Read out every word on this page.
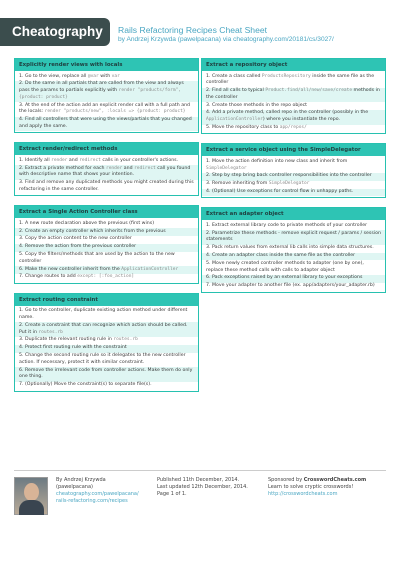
Cheatography	Rails Refactoring Recipes Cheat Sheet
by Andrzej Krzywda (pawelpacana) via cheatography.com/20181/cs/3027/
Explicitly render views with locals
1. Go to the view, replace all @var with var
2. Do the same in all partials that are called from the view and always pass the params to partials explicitly with render "products/form", {product: product}
3. At the end of the action add an explicit render call with a full path and the locals: render "products/new", :locals => {product: product}
4. Find all controllers that were using the views/partials that you changed and apply the same.
Extract render/redirect methods
1. Identify all render and redirect calls in your controller's actions.
2. Extract a private method for each render and redirect call you found with descriptive name that shows your intention.
3. Find and remove any duplicated methods you might created during this refactoring in the same controller.
Extract a Single Action Controller class
1. A new route declaration above the previous (first wins)
2. Create an empty controller which inherits from the previous
3. Copy the action content to the new controller
4. Remove the action from the previous controller
5. Copy the filters/methods that are used by the action to the new controller
6. Make the new controller inherit from the ApplicationController
7. Change routes to add except: [:foo_action]
Extract routing constraint
1. Go to the controller, duplicate existing action method under different name.
2. Create a constraint that can recognize which action should be called. Put it in routes.rb
3. Duplicate the relevant routing rule in routes.rb
4. Protect first routing rule with the constraint
5. Change the second routing rule so it delegates to the new controller action. If necessary, protect it with similar constraint.
6. Remove the irrelevant code from controller actions. Make them do only one thing.
7. (Optionally) Move the constraint(s) to separate file(s).
Extract a repository object
1. Create a class called ProductsRepository inside the same file as the controller
2. Find all calls to typical Product.find/all/new/save/create methods in the controller
3. Create those methods in the repo object
4. Add a private method, called repo in the controller (possibly in the ApplicationController) where you instantiate the repo.
5. Move the repository class to app/repos/
Extract a service object using the SimpleDelegator
1. Move the action definition into new class and inherit from SimpleDelegator
2. Step by step bring back controller responsibilities into the controller
3. Remove inheriting from SimpleDelegator
4. (Optional) Use exceptions for control flow in unhappy paths.
Extract an adapter object
1. Extract external library code to private methods of your controller
2. Parametrize these methods - remove explicit request / params / session statements
3. Pack return values from external lib calls into simple data structures.
4. Create an adapter class inside the same file as the controller
5. Move newly created controller methods to adapter (one by one), replace these method calls with calls to adapter object
6. Pack exceptions raised by an external library to your exceptions
7. Move your adapter to another file (ex. app/adapters/your_adapter.rb)
By Andrzej Krzywda
(pawelpacana)
cheatography.com/pawelpacana/
rails-refactoring.com/recipes
Published 11th December, 2014.
Last updated 12th December, 2014.
Page 1 of 1.
Sponsored by CrosswordCheats.com
Learn to solve cryptic crosswords!
http://crosswordcheats.com
